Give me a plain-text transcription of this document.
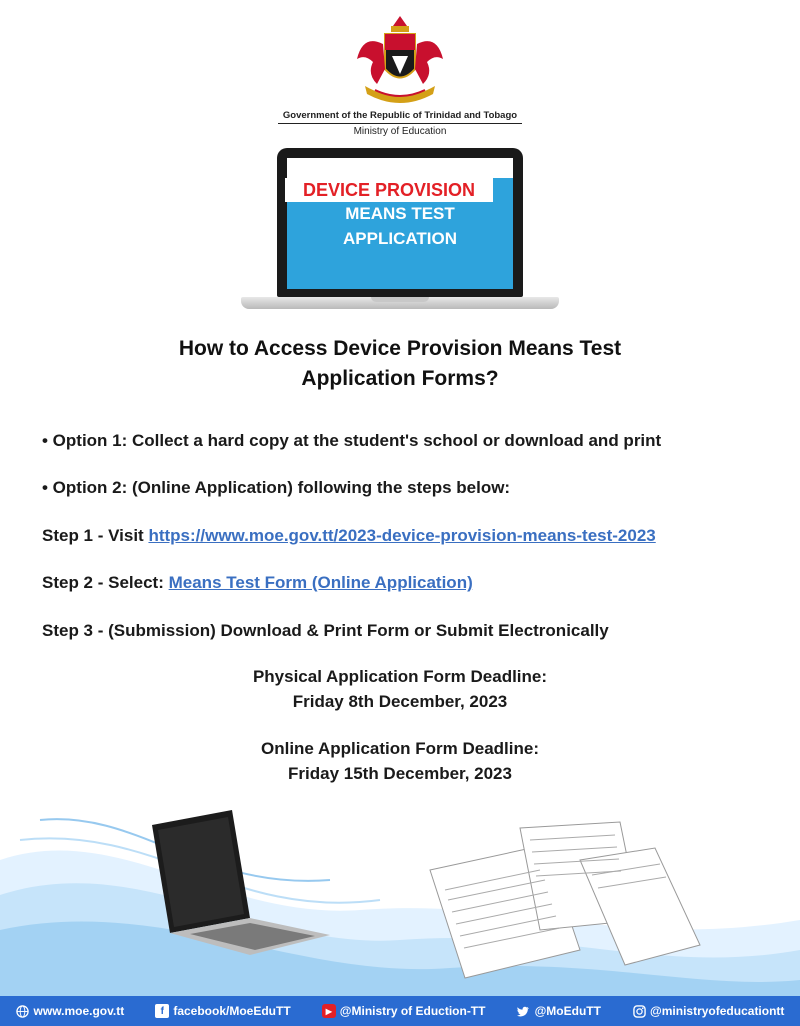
Government of the Republic of Trinidad and Tobago
Ministry of Education
DEVICE PROVISION
MEANS TEST
APPLICATION
How to Access Device Provision Means Test
Application Forms?
• Option 1: Collect a hard copy at the student's school or download and print
• Option 2: (Online Application) following the steps below:
Step 1 - Visit https://www.moe.gov.tt/2023-device-provision-means-test-2023
Step 2 - Select: Means Test Form (Online Application)
Step 3 - (Submission) Download & Print Form or Submit Electronically
Physical Application Form Deadline:
Friday 8th December, 2023
Online Application Form Deadline:
Friday 15th December, 2023
www.moe.gov.tt	f facebook/MoeEduTT	▶ @Ministry of Eduction-TT	@MoEduTT	@ministryofeducationtt
